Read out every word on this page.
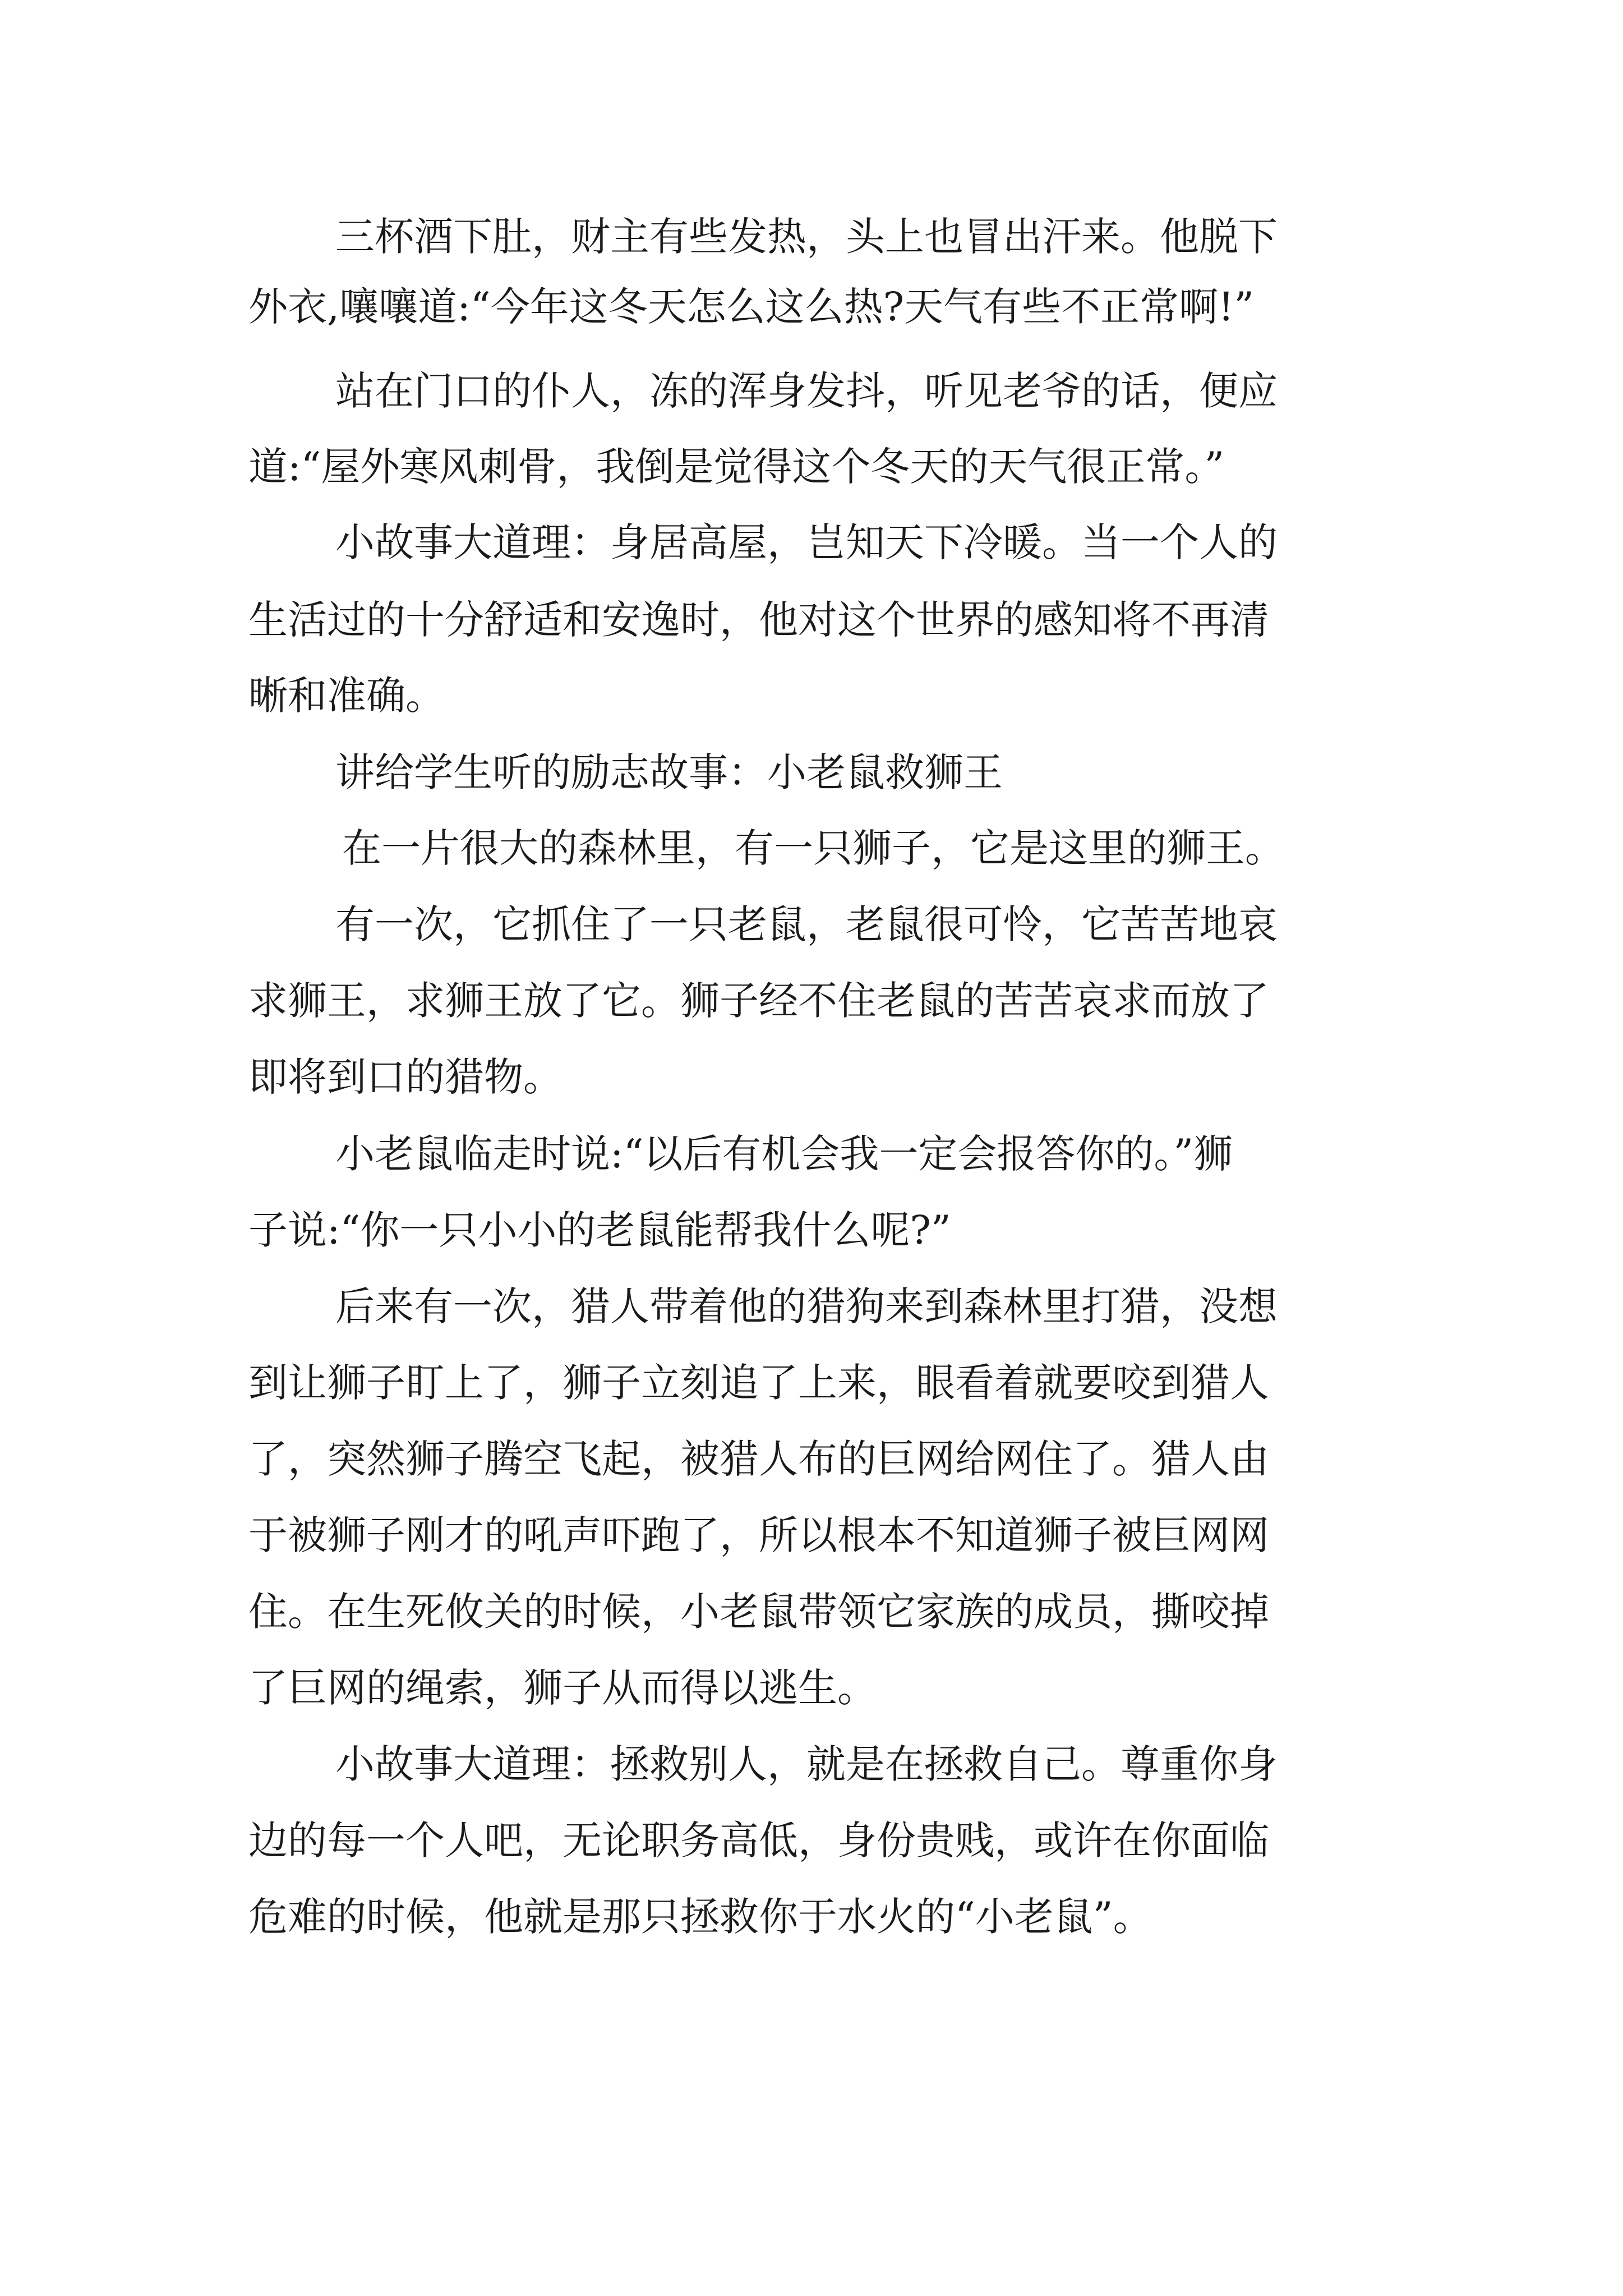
三杯酒下肚，财主有些发热，头上也冒出汗来。他脱下

外衣,嚷嚷道:“今年这冬天怎么这么热?天气有些不正常啊!”

站在门口的仆人，冻的浑身发抖，听见老爷的话，便应

道:“屋外寒风刺骨，我倒是觉得这个冬天的天气很正常。”

小故事大道理：身居高屋，岂知天下冷暖。当一个人的

生活过的十分舒适和安逸时，他对这个世界的感知将不再清

晰和准确。

讲给学生听的励志故事：小老鼠救狮王

在一片很大的森林里，有一只狮子，它是这里的狮王。

有一次，它抓住了一只老鼠，老鼠很可怜，它苦苦地哀

求狮王，求狮王放了它。狮子经不住老鼠的苦苦哀求而放了

即将到口的猎物。

小老鼠临走时说:“以后有机会我一定会报答你的。”狮

子说:“你一只小小的老鼠能帮我什么呢?”

后来有一次，猎人带着他的猎狗来到森林里打猎，没想

到让狮子盯上了，狮子立刻追了上来，眼看着就要咬到猎人

了，突然狮子腾空飞起，被猎人布的巨网给网住了。猎人由

于被狮子刚才的吼声吓跑了，所以根本不知道狮子被巨网网

住。在生死攸关的时候，小老鼠带领它家族的成员，撕咬掉

了巨网的绳索，狮子从而得以逃生。

小故事大道理：拯救别人，就是在拯救自己。尊重你身

边的每一个人吧，无论职务高低，身份贵贱，或许在你面临

危难的时候，他就是那只拯救你于水火的“小老鼠”。
